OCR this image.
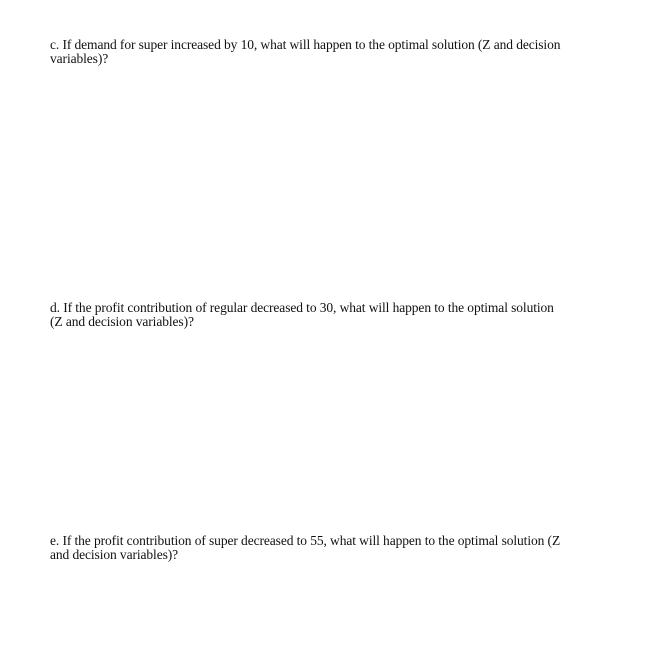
c. If demand for super increased by 10, what will happen to the optimal solution (Z and decision
variables)?

d. If the profit contribution of regular decreased to 30, what will happen to the optimal solution
(Z and decision variables)?

e. If the profit contribution of super decreased to 55, what will happen to the optimal solution (Z
and decision variables)?
